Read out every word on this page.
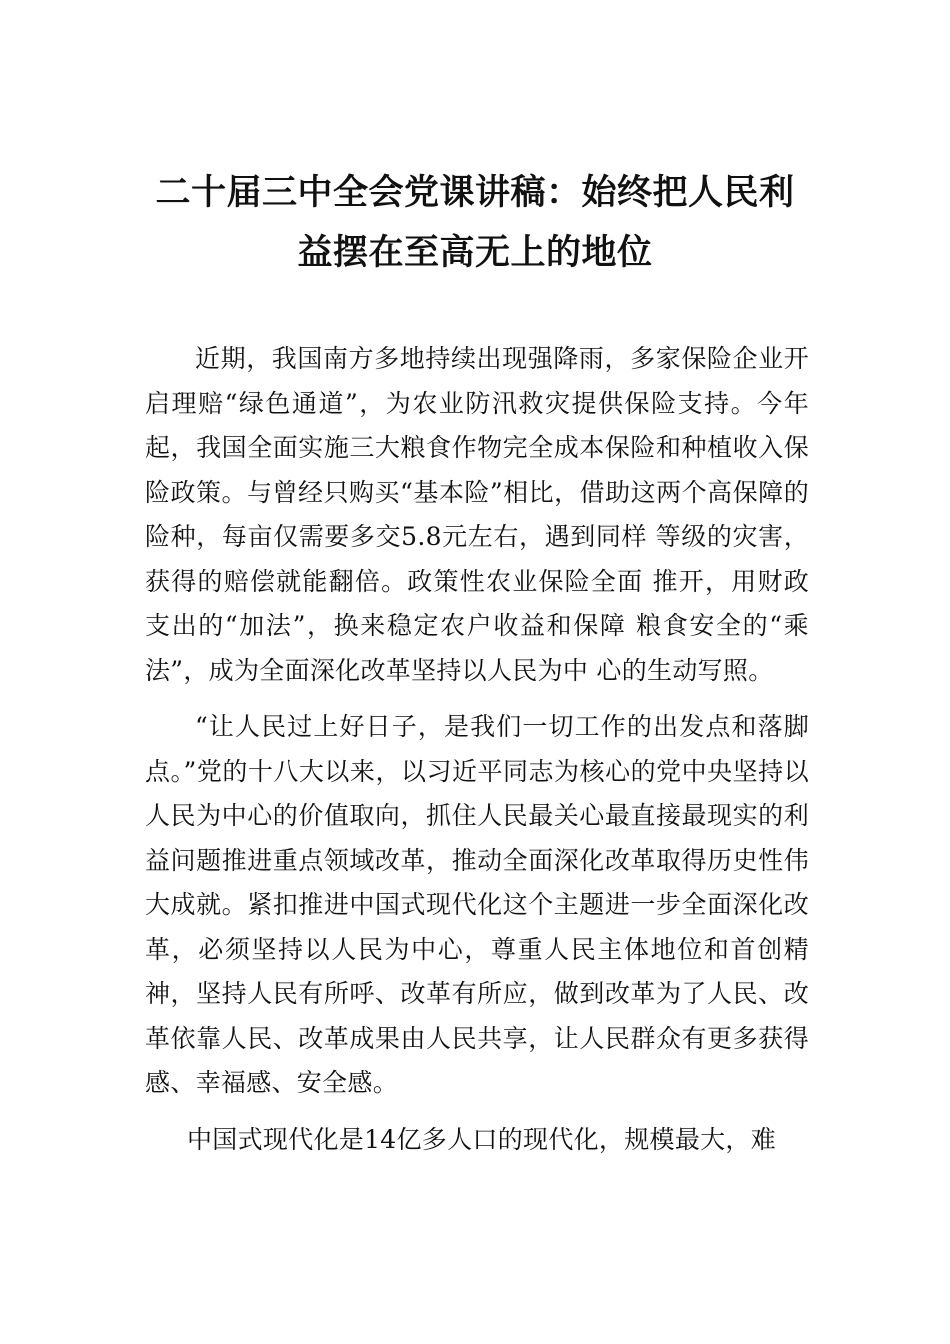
二十届三中全会党课讲稿：始终把人民利
益摆在至高无上的地位

近期，我国南方多地持续出现强降雨，多家保险企业开启理赔“绿色通道”，为农业防汛救灾提供保险支持。今年起，我国全面实施三大粮食作物完全成本保险和种植收入保险政策。与曾经只购买“基本险”相比，借助这两个高保障的险种，每亩仅需要多交5.8元左右，遇到同样 等级的灾害，获得的赔偿就能翻倍。政策性农业保险全面 推开，用财政支出的“加法”，换来稳定农户收益和保障 粮食安全的“乘法”，成为全面深化改革坚持以人民为中 心的生动写照。

“让人民过上好日子，是我们一切工作的出发点和落脚点。”党的十八大以来，以习近平同志为核心的党中央坚持以人民为中心的价值取向，抓住人民最关心最直接最现实的利益问题推进重点领域改革，推动全面深化改革取得历史性伟大成就。紧扣推进中国式现代化这个主题进一步全面深化改革，必须坚持以人民为中心，尊重人民主体地位和首创精神，坚持人民有所呼、改革有所应，做到改革为了人民、改革依靠人民、改革成果由人民共享，让人民群众有更多获得感、幸福感、安全感。

中国式现代化是14亿多人口的现代化，规模最大，难
